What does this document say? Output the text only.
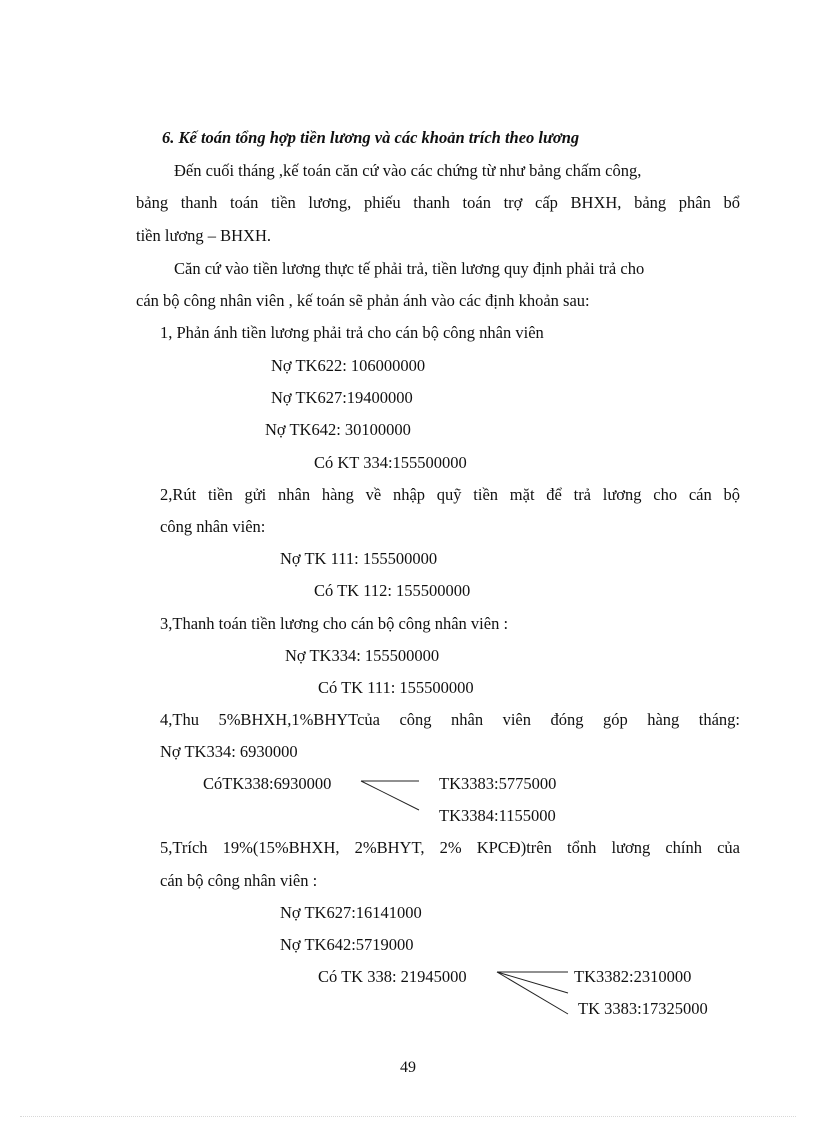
6. Kế toán tổng hợp tiền lương và các khoản trích theo lương
Đến cuối tháng ,kế toán căn cứ vào các chứng từ như bảng chấm công,
bảng thanh toán tiền lương, phiếu thanh toán trợ cấp BHXH, bảng phân bổ
tiền lương – BHXH.
Căn cứ vào tiền lương thực tế phải trả, tiền lương quy định phải trả cho
cán bộ công nhân viên , kế toán sẽ phản ánh vào các định khoản sau:
1, Phản ánh tiền lương phải trả cho cán bộ công nhân viên
Nợ TK622: 106000000
Nợ TK627:19400000
Nợ TK642: 30100000
Có KT 334:155500000
2,Rút tiền gửi nhân hàng về nhập quỹ tiền mặt để trả lương cho cán bộ
công nhân viên:
Nợ TK 111: 155500000
Có TK 112: 155500000
3,Thanh toán tiền lương cho cán bộ công nhân viên :
Nợ TK334: 155500000
Có TK 111: 155500000
4,Thu 5%BHXH,1%BHYTcủa công nhân viên đóng góp hàng tháng:
Nợ TK334: 6930000
CóTK338:6930000	TK3383:5775000
TK3384:1155000
5,Trích 19%(15%BHXH, 2%BHYT, 2% KPCĐ)trên tổnh lương chính của
cán bộ công nhân viên :
Nợ TK627:16141000
Nợ TK642:5719000
Có TK 338: 21945000	TK3382:2310000
TK 3383:17325000
49
